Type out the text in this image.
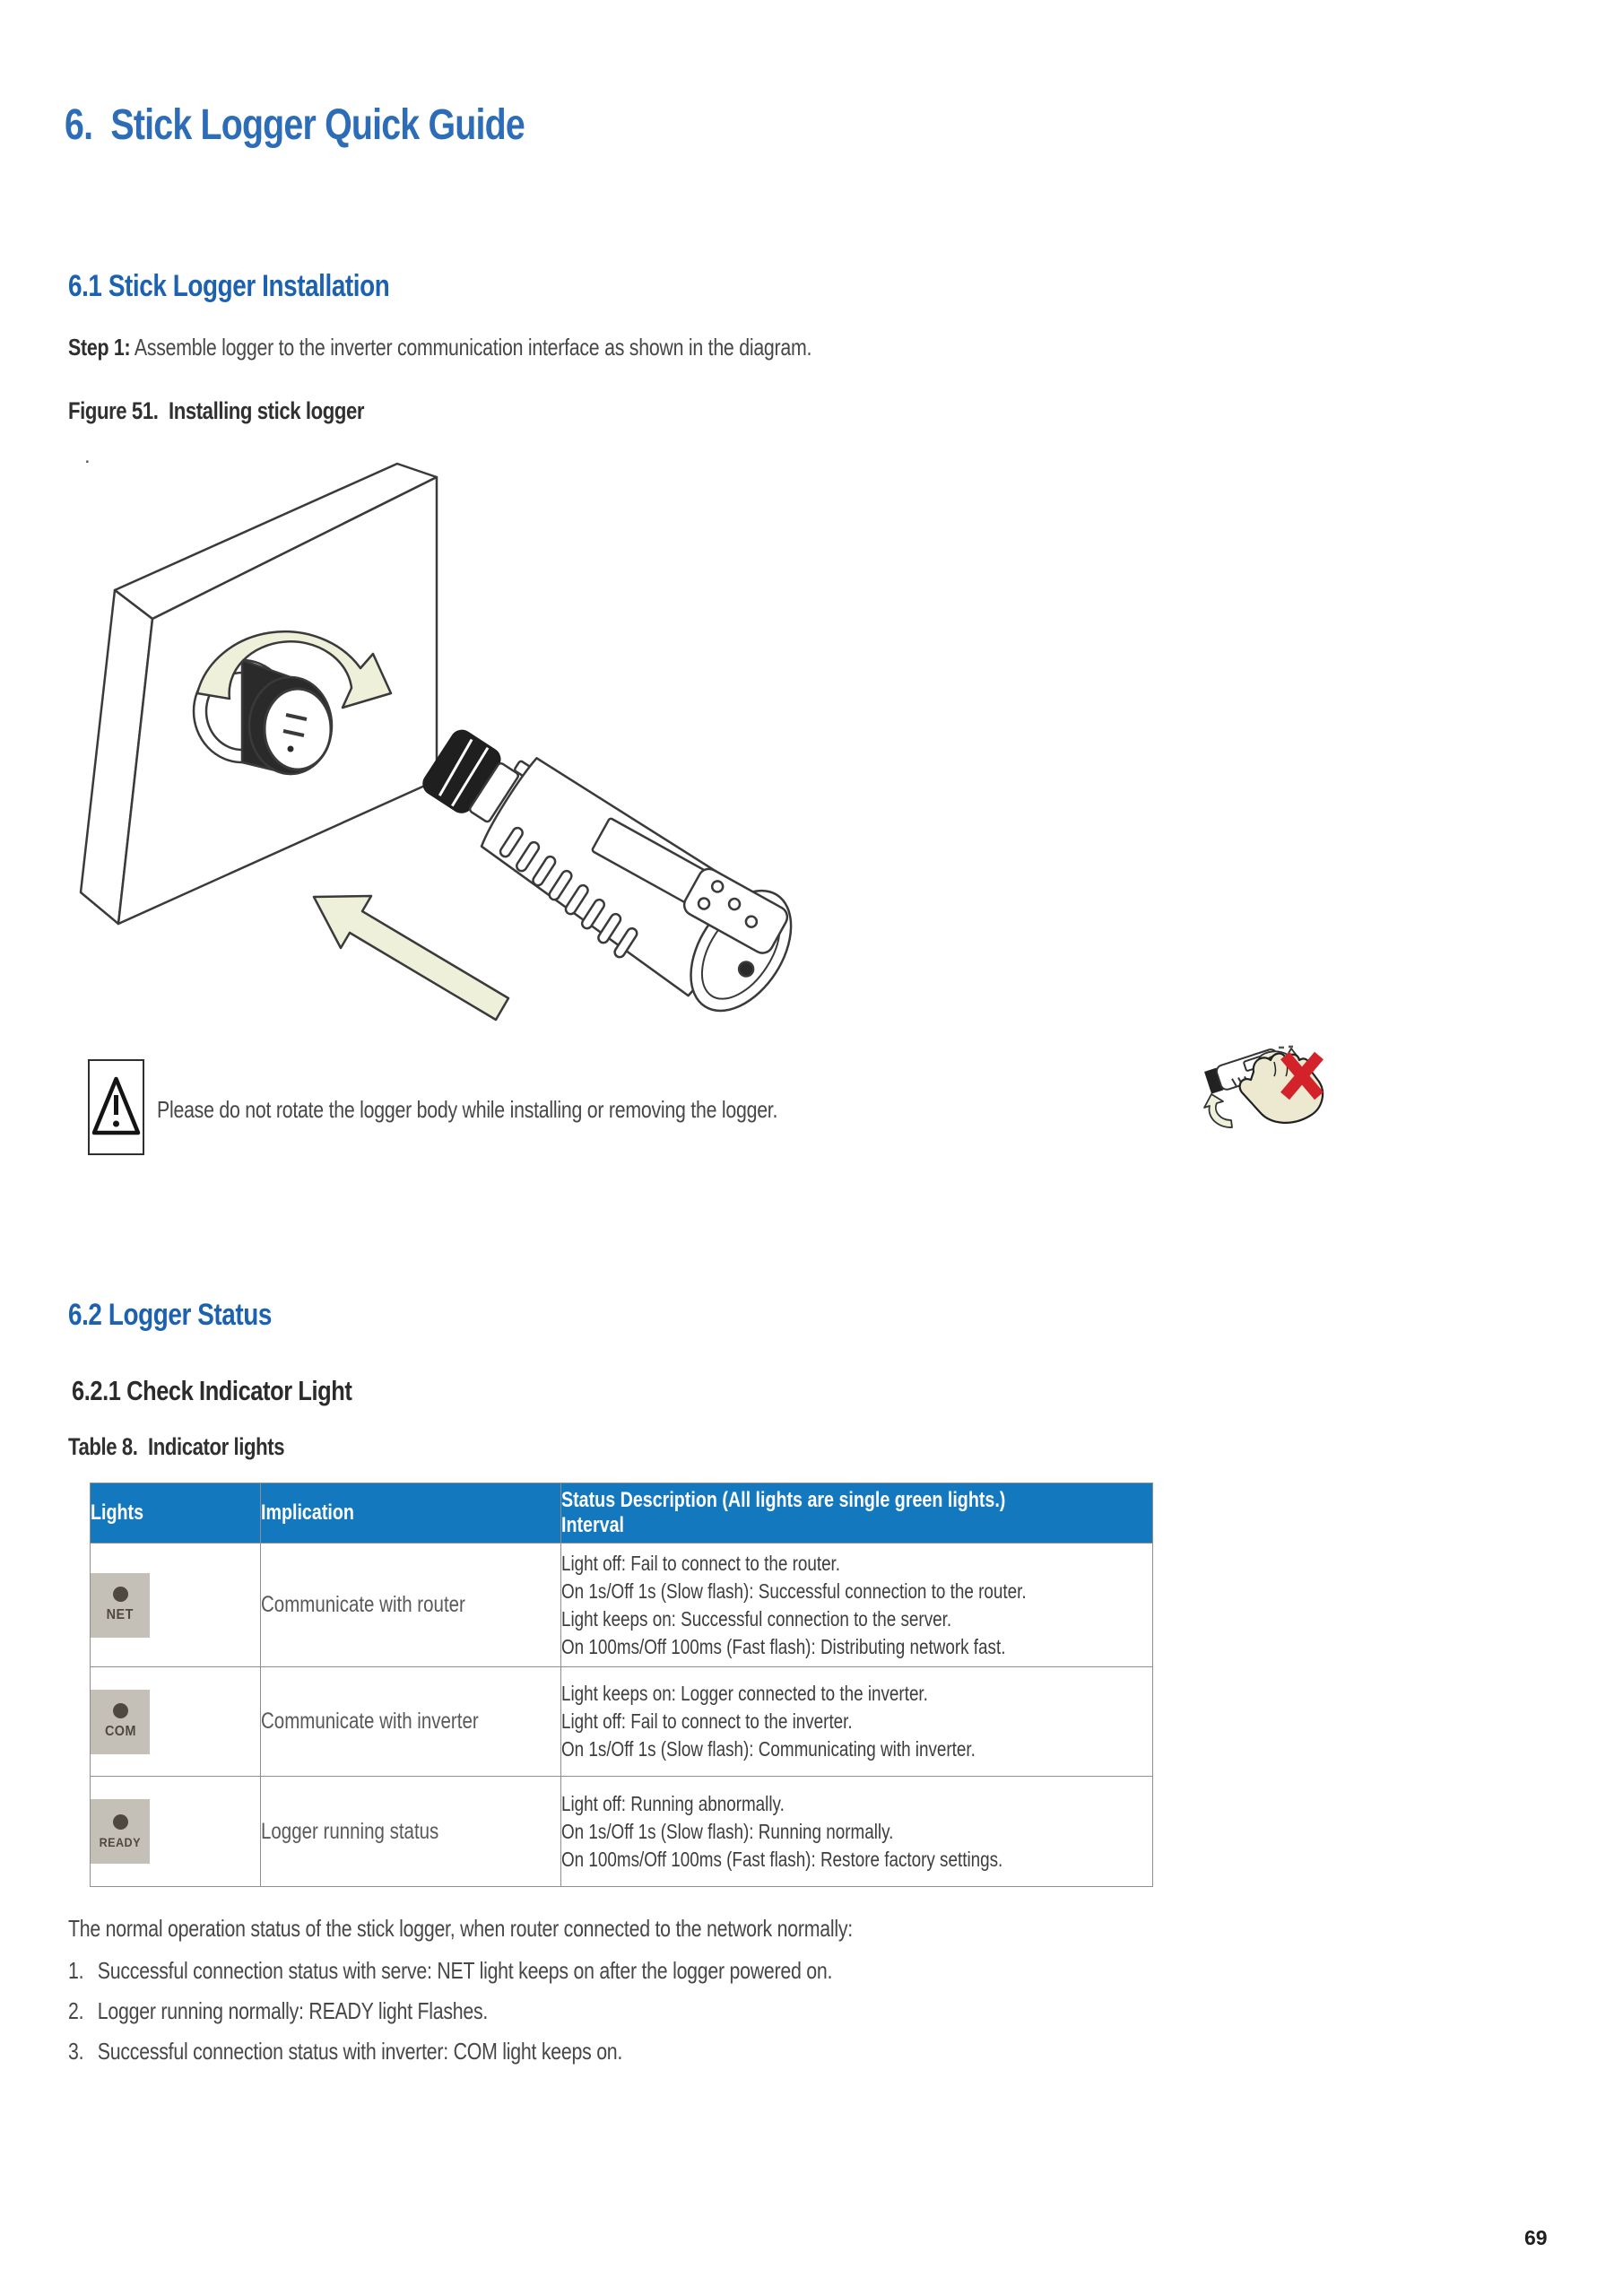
6.  Stick Logger Quick Guide
6.1 Stick Logger Installation
Step 1: Assemble logger to the inverter communication interface as shown in the diagram.
Figure 51.  Installing stick logger
.
Please do not rotate the logger body while installing or removing the logger.
6.2 Logger Status
6.2.1 Check Indicator Light
Table 8.  Indicator lights
Lights	Implication	Status Description (All lights are single green lights.)
Interval

NET	Communicate with router	Light off: Fail to connect to the router.
On 1s/Off 1s (Slow flash): Successful connection to the router.
Light keeps on: Successful connection to the server.
On 100ms/Off 100ms (Fast flash): Distributing network fast.

COM	Communicate with inverter	Light keeps on: Logger connected to the inverter.
Light off: Fail to connect to the inverter.
On 1s/Off 1s (Slow flash): Communicating with inverter.

READY	Logger running status	Light off: Running abnormally.
On 1s/Off 1s (Slow flash): Running normally.
On 100ms/Off 100ms (Fast flash): Restore factory settings.
The normal operation status of the stick logger, when router connected to the network normally:
1. Successful connection status with serve: NET light keeps on after the logger powered on.
2. Logger running normally: READY light Flashes.
3. Successful connection status with inverter: COM light keeps on.
69
